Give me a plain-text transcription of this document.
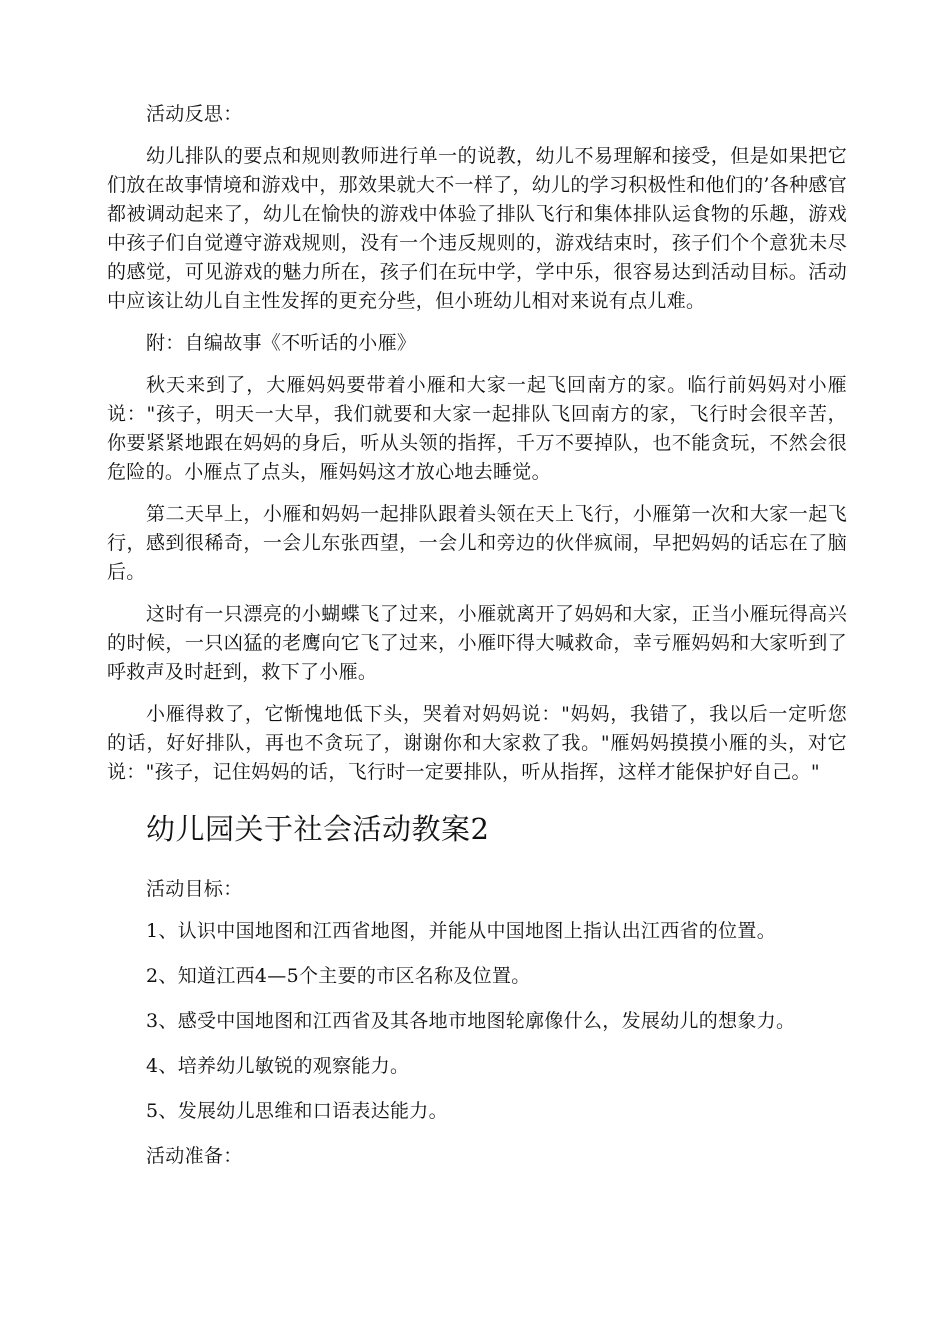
活动反思：

幼儿排队的要点和规则教师进行单一的说教，幼儿不易理解和接受，但是如果把它们放在故事情境和游戏中，那效果就大不一样了，幼儿的学习积极性和他们的’各种感官都被调动起来了，幼儿在愉快的游戏中体验了排队飞行和集体排队运食物的乐趣，游戏中孩子们自觉遵守游戏规则，没有一个违反规则的，游戏结束时，孩子们个个意犹未尽的感觉，可见游戏的魅力所在，孩子们在玩中学，学中乐，很容易达到活动目标。活动中应该让幼儿自主性发挥的更充分些，但小班幼儿相对来说有点儿难。

附：自编故事《不听话的小雁》

秋天来到了，大雁妈妈要带着小雁和大家一起飞回南方的家。临行前妈妈对小雁说："孩子，明天一大早，我们就要和大家一起排队飞回南方的家，飞行时会很辛苦，你要紧紧地跟在妈妈的身后，听从头领的指挥，千万不要掉队，也不能贪玩，不然会很危险的。小雁点了点头，雁妈妈这才放心地去睡觉。

第二天早上，小雁和妈妈一起排队跟着头领在天上飞行，小雁第一次和大家一起飞行，感到很稀奇，一会儿东张西望，一会儿和旁边的伙伴疯闹，早把妈妈的话忘在了脑后。

这时有一只漂亮的小蝴蝶飞了过来，小雁就离开了妈妈和大家，正当小雁玩得高兴的时候，一只凶猛的老鹰向它飞了过来，小雁吓得大喊救命，幸亏雁妈妈和大家听到了呼救声及时赶到，救下了小雁。

小雁得救了，它惭愧地低下头，哭着对妈妈说："妈妈，我错了，我以后一定听您的话，好好排队，再也不贪玩了，谢谢你和大家救了我。"雁妈妈摸摸小雁的头，对它说："孩子，记住妈妈的话，飞行时一定要排队，听从指挥，这样才能保护好自己。"

幼儿园关于社会活动教案2

活动目标：

1、认识中国地图和江西省地图，并能从中国地图上指认出江西省的位置。

2、知道江西4—5个主要的市区名称及位置。

3、感受中国地图和江西省及其各地市地图轮廓像什么，发展幼儿的想象力。

4、培养幼儿敏锐的观察能力。

5、发展幼儿思维和口语表达能力。

活动准备：
